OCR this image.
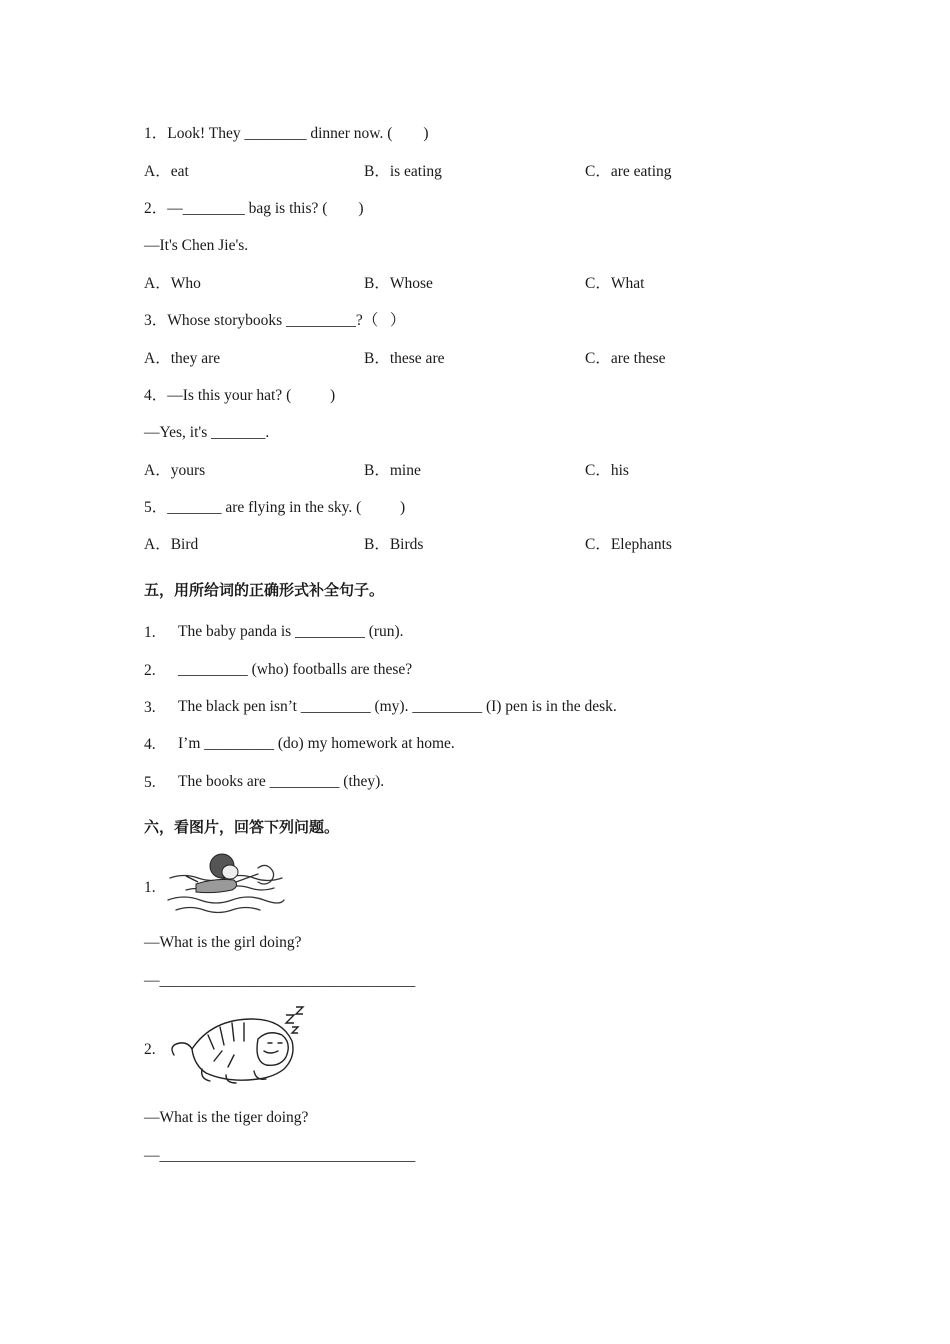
1．Look! They ________ dinner now. (        )
A．eat	B．is eating	C．are eating
2．—________ bag is this? (        )
—It's Chen Jie's.
A．Who	B．Whose	C．What
3．Whose storybooks _________?（   ）
A．they are	B．these are	C．are these
4．—Is this your hat? (          )
—Yes, it's _______.
A．yours	B．mine	C．his
5．_______ are flying in the sky. (          )
A．Bird	B．Birds	C．Elephants
五，用所给词的正确形式补全句子。
1. The baby panda is _________ (run).
2. _________ (who) footballs are these?
3. The black pen isn’t _________ (my). _________ (I) pen is in the desk.
4. I’m _________ (do) my homework at home.
5. The books are _________ (they).
六，看图片，回答下列问题。
1.
—What is the girl doing?
—_________________________________
2.
—What is the tiger doing?
—_________________________________
